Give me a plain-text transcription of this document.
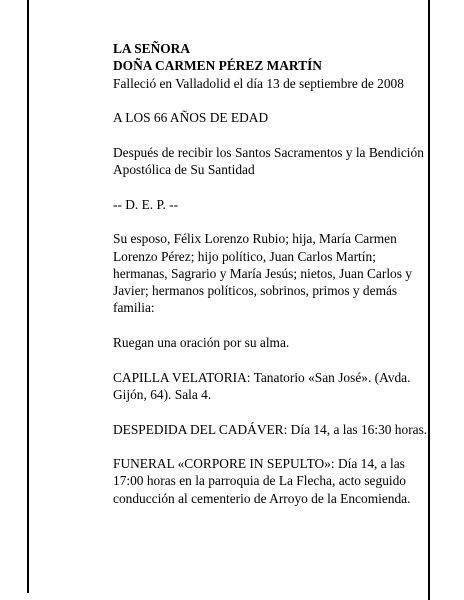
LA SEÑORA

DOÑA CARMEN PÉREZ MARTÍN

Falleció en Valladolid el día 13 de septiembre de 2008

A LOS 66 AÑOS DE EDAD

Después de recibir los Santos Sacramentos y la Bendición Apostólica de Su Santidad

-- D. E. P. --

Su esposo, Félix Lorenzo Rubio; hija, María Carmen Lorenzo Pérez; hijo político, Juan Carlos Martín; hermanas, Sagrario y María Jesús; nietos, Juan Carlos y Javier; hermanos políticos, sobrinos, primos y demás familia:

Ruegan una oración por su alma.

CAPILLA VELATORIA: Tanatorio «San José». (Avda. Gijón, 64). Sala 4.

DESPEDIDA DEL CADÁVER: Día 14, a las 16:30 horas.

FUNERAL «CORPORE IN SEPULTO»: Día 14, a las 17:00 horas en la parroquia de La Flecha, acto seguido conducción al cementerio de Arroyo de la Encomienda.
